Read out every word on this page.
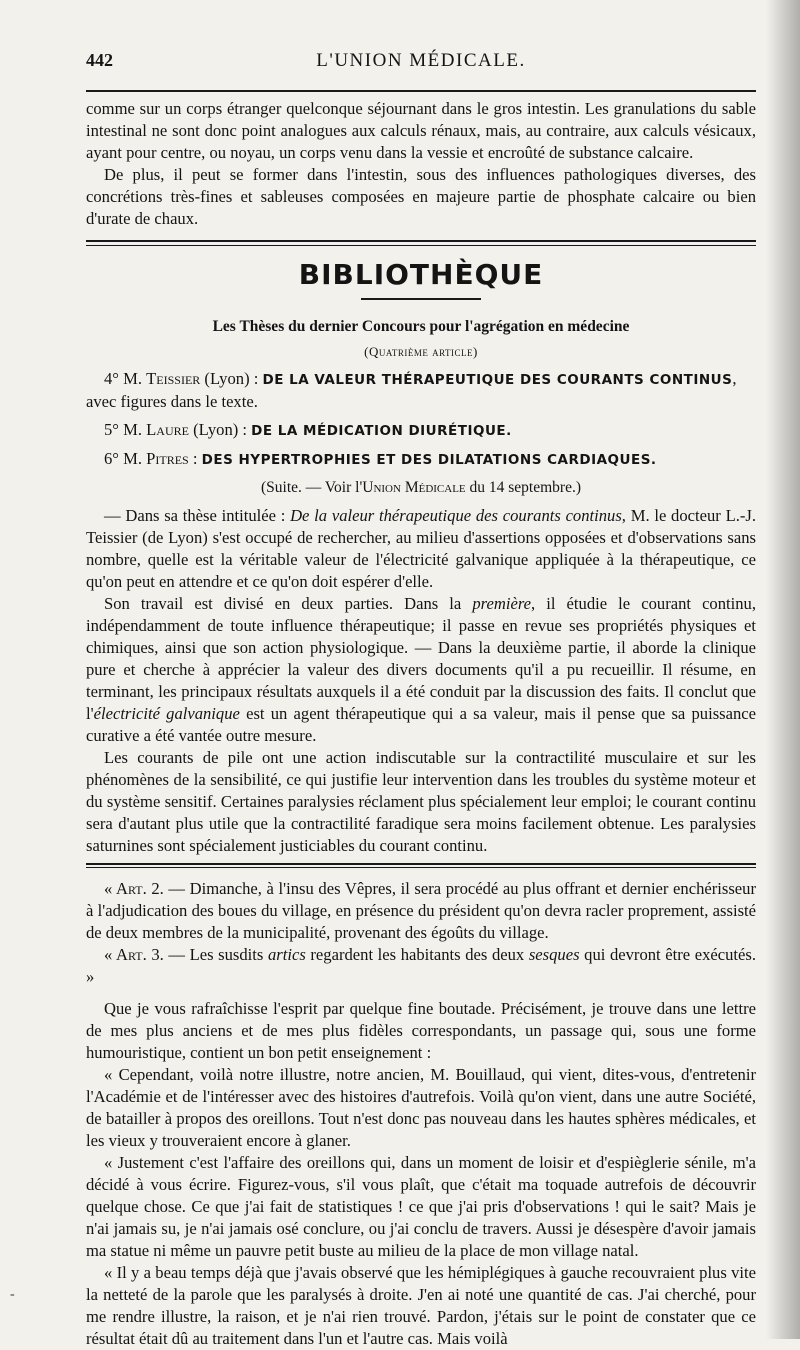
442	L'UNION MÉDICALE.

comme sur un corps étranger quelconque séjournant dans le gros intestin. Les granulations du sable intestinal ne sont donc point analogues aux calculs rénaux, mais, au contraire, aux calculs vésicaux, ayant pour centre, ou noyau, un corps venu dans la vessie et encroûté de substance calcaire.

De plus, il peut se former dans l'intestin, sous des influences pathologiques diverses, des concrétions très-fines et sableuses composées en majeure partie de phosphate calcaire ou bien d'urate de chaux.

BIBLIOTHÈQUE

Les Thèses du dernier Concours pour l'agrégation en médecine

(Quatrième article)

4° M. Teissier (Lyon) : DE LA VALEUR THÉRAPEUTIQUE DES COURANTS CONTINUS, avec figures dans le texte.

5° M. Laure (Lyon) : DE LA MÉDICATION DIURÉTIQUE.

6° M. Pitres : DES HYPERTROPHIES ET DES DILATATIONS CARDIAQUES.

(Suite. — Voir l'Union Médicale du 14 septembre.)

— Dans sa thèse intitulée : De la valeur thérapeutique des courants continus, M. le docteur L.-J. Teissier (de Lyon) s'est occupé de rechercher, au milieu d'assertions opposées et d'observations sans nombre, quelle est la véritable valeur de l'électricité galvanique appliquée à la thérapeutique, ce qu'on peut en attendre et ce qu'on doit espérer d'elle.

Son travail est divisé en deux parties. Dans la première, il étudie le courant continu, indépendamment de toute influence thérapeutique; il passe en revue ses propriétés physiques et chimiques, ainsi que son action physiologique. — Dans la deuxième partie, il aborde la clinique pure et cherche à apprécier la valeur des divers documents qu'il a pu recueillir. Il résume, en terminant, les principaux résultats auxquels il a été conduit par la discussion des faits. Il conclut que l'électricité galvanique est un agent thérapeutique qui a sa valeur, mais il pense que sa puissance curative a été vantée outre mesure.

Les courants de pile ont une action indiscutable sur la contractilité musculaire et sur les phénomènes de la sensibilité, ce qui justifie leur intervention dans les troubles du système moteur et du système sensitif. Certaines paralysies réclament plus spécialement leur emploi; le courant continu sera d'autant plus utile que la contractilité faradique sera moins facilement obtenue. Les paralysies saturnines sont spécialement justiciables du courant continu.

« Art. 2. — Dimanche, à l'insu des Vêpres, il sera procédé au plus offrant et dernier enchérisseur à l'adjudication des boues du village, en présence du président qu'on devra racler proprement, assisté de deux membres de la municipalité, provenant des égoûts du village.

« Art. 3. — Les susdits artics regardent les habitants des deux sesques qui devront être exécutés. »

Que je vous rafraîchisse l'esprit par quelque fine boutade. Précisément, je trouve dans une lettre de mes plus anciens et de mes plus fidèles correspondants, un passage qui, sous une forme humouristique, contient un bon petit enseignement :

« Cependant, voilà notre illustre, notre ancien, M. Bouillaud, qui vient, dites-vous, d'entretenir l'Académie et de l'intéresser avec des histoires d'autrefois. Voilà qu'on vient, dans une autre Société, de batailler à propos des oreillons. Tout n'est donc pas nouveau dans les hautes sphères médicales, et les vieux y trouveraient encore à glaner.

« Justement c'est l'affaire des oreillons qui, dans un moment de loisir et d'espièglerie sénile, m'a décidé à vous écrire. Figurez-vous, s'il vous plaît, que c'était ma toquade autrefois de découvrir quelque chose. Ce que j'ai fait de statistiques ! ce que j'ai pris d'observations ! qui le sait? Mais je n'ai jamais su, je n'ai jamais osé conclure, ou j'ai conclu de travers. Aussi je désespère d'avoir jamais ma statue ni même un pauvre petit buste au milieu de la place de mon village natal.

« Il y a beau temps déjà que j'avais observé que les hémiplégiques à gauche recouvraient plus vite la netteté de la parole que les paralysés à droite. J'en ai noté une quantité de cas. J'ai cherché, pour me rendre illustre, la raison, et je n'ai rien trouvé. Pardon, j'étais sur le point de constater que ce résultat était dû au traitement dans l'un et l'autre cas. Mais voilà

-
